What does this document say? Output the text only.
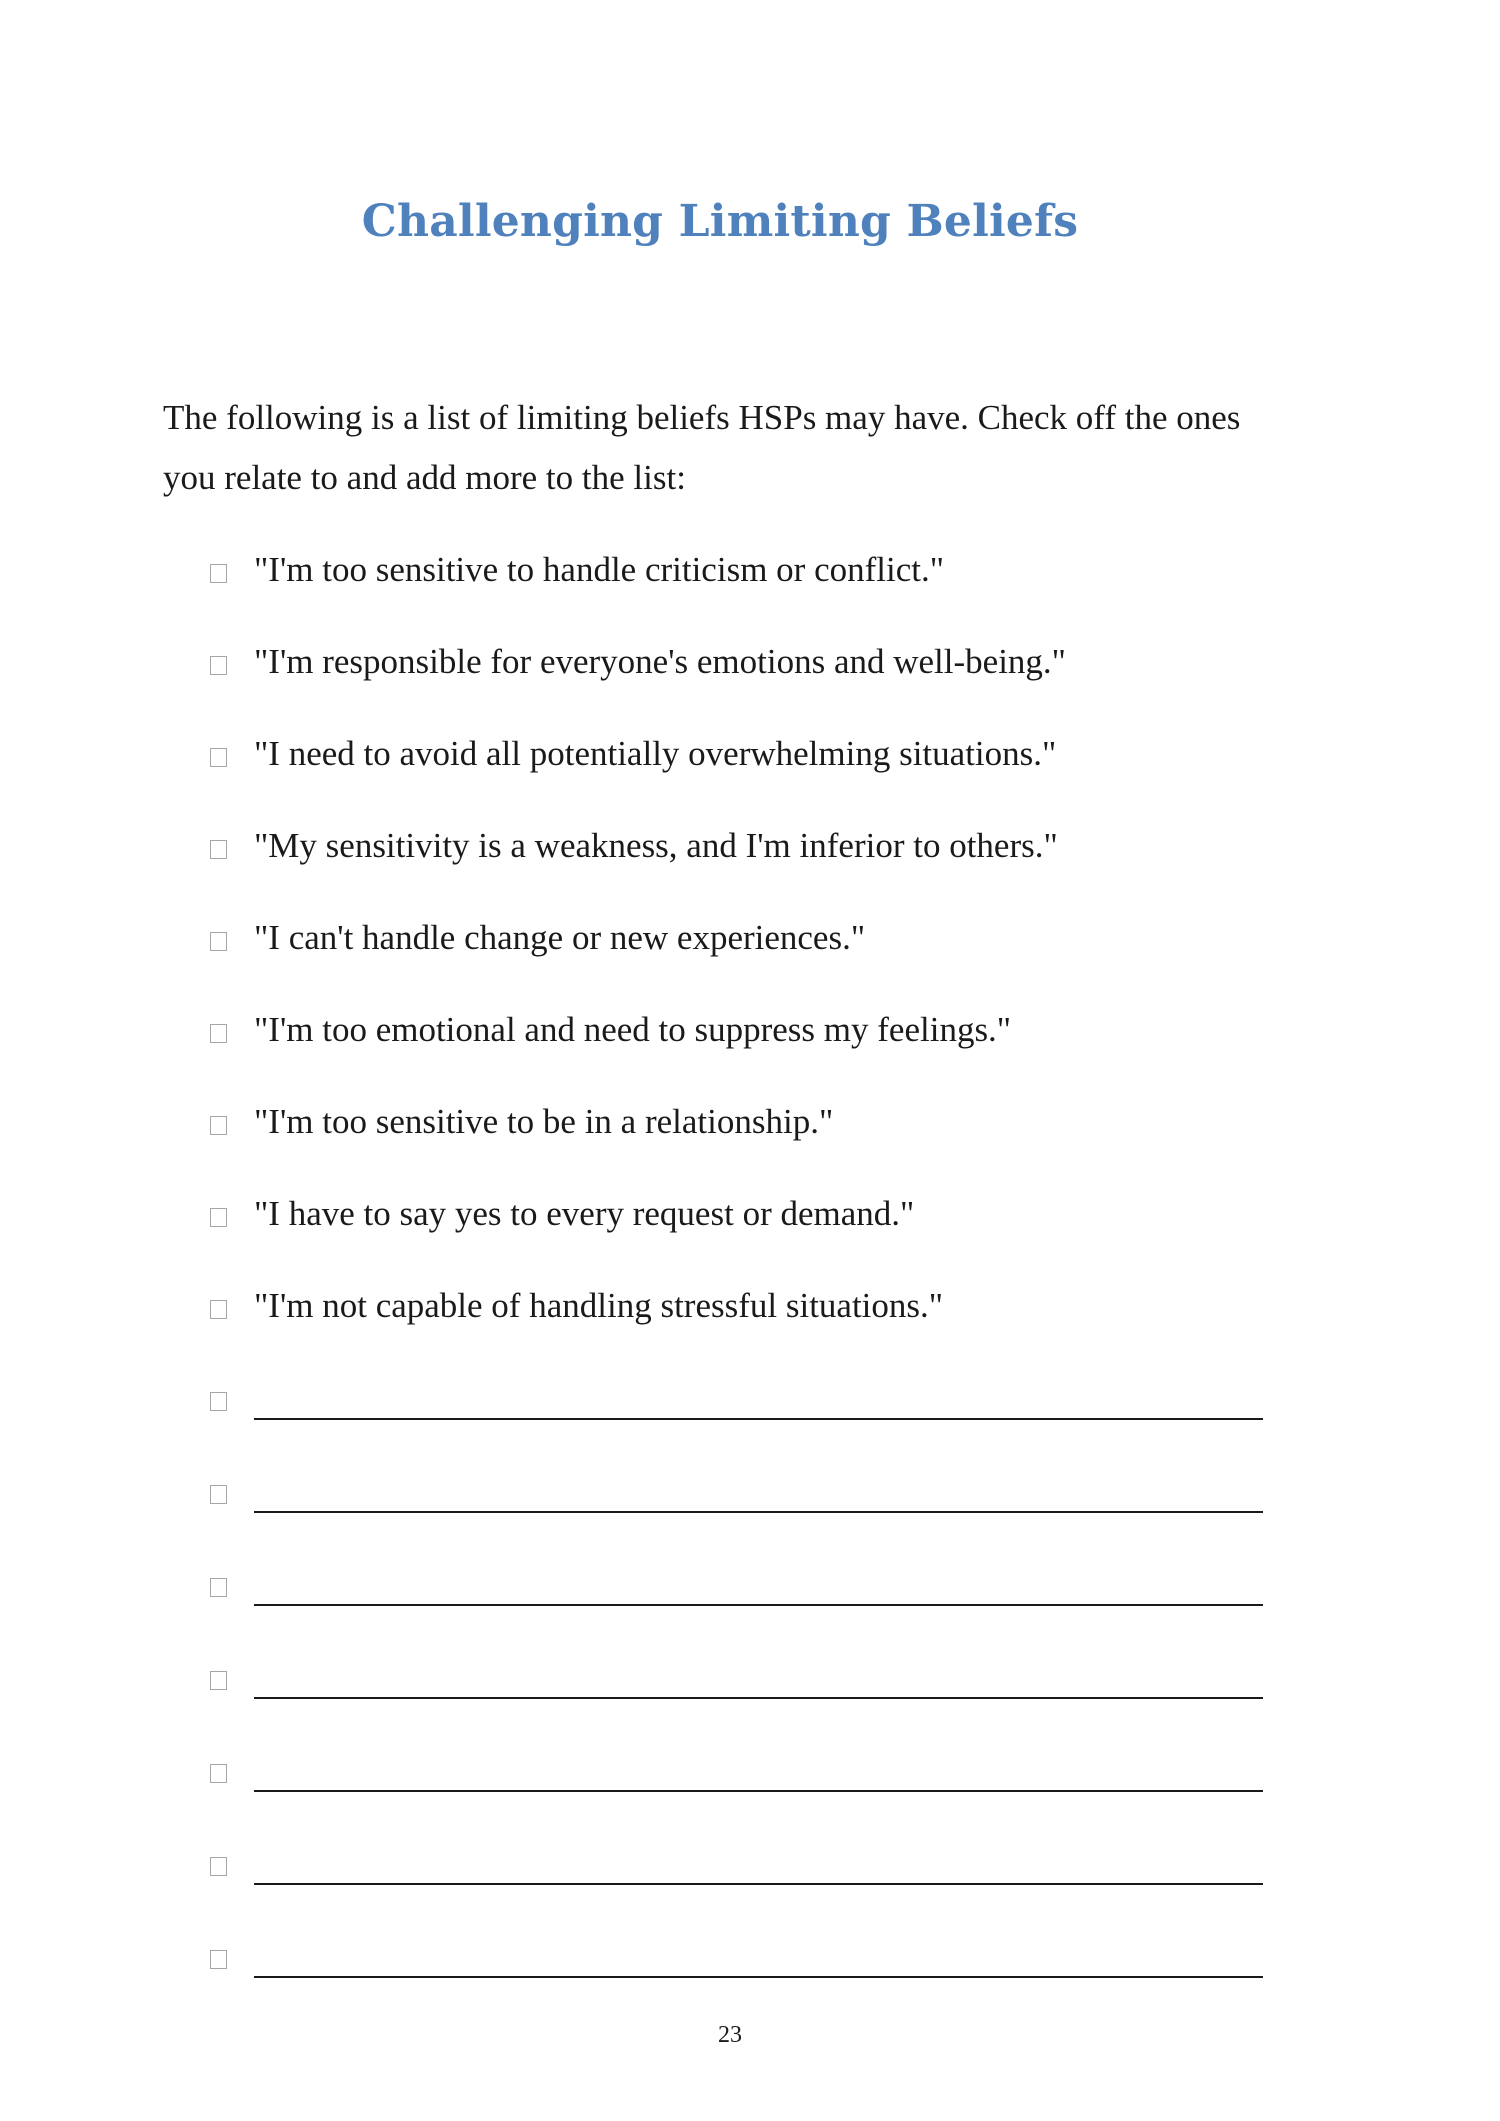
Challenging Limiting Beliefs

The following is a list of limiting beliefs HSPs may have. Check off the ones you relate to and add more to the list:

"I'm too sensitive to handle criticism or conflict."
"I'm responsible for everyone's emotions and well-being."
"I need to avoid all potentially overwhelming situations."
"My sensitivity is a weakness, and I'm inferior to others."
"I can't handle change or new experiences."
"I'm too emotional and need to suppress my feelings."
"I'm too sensitive to be in a relationship."
"I have to say yes to every request or demand."
"I'm not capable of handling stressful situations."
23
